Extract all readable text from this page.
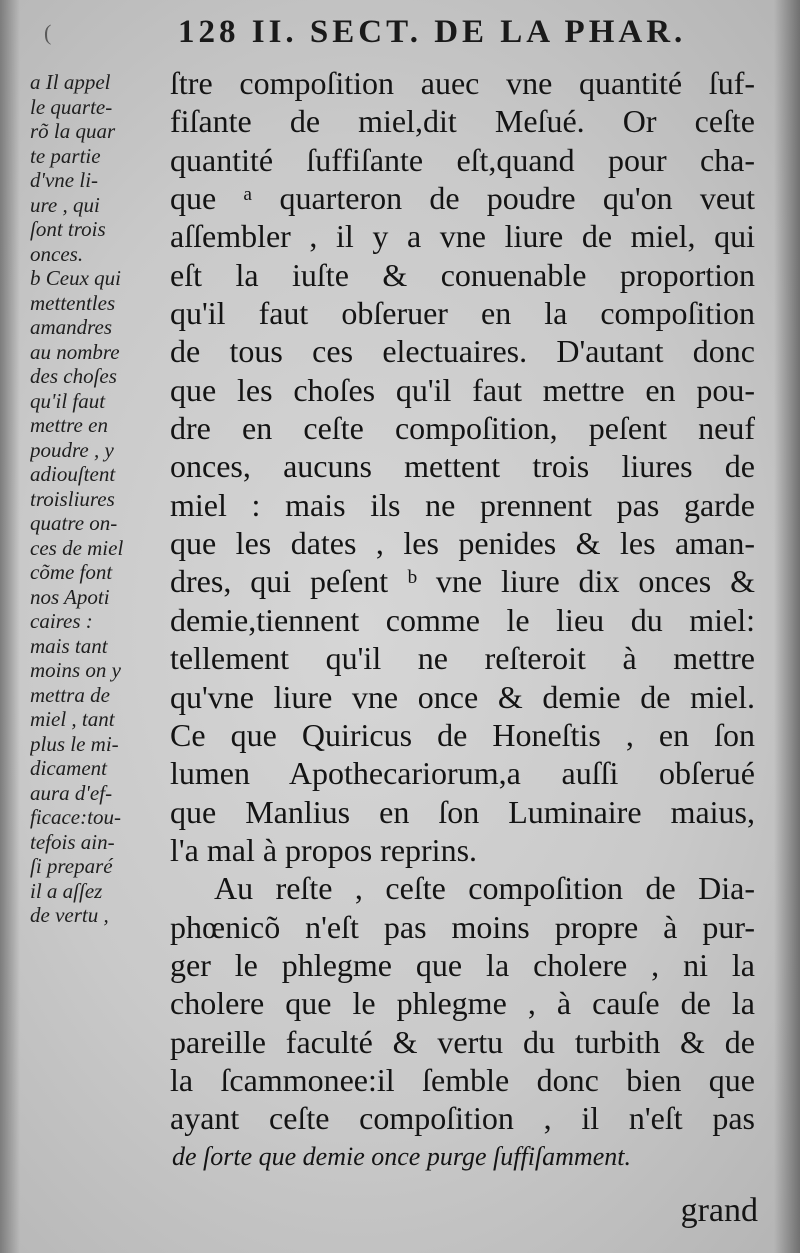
(	128 II. SECT. DE LA PHAR.
a Il appel
le quarte-
rõ la quar
te partie
d'vne li-
ure , qui
ſont trois
onces.
b Ceux qui
mettentles
amandres
au nombre
des choſes
qu'il faut
mettre en
poudre , y
adiouſtent
troisliures
quatre on-
ces de miel
cõme font
nos Apoti
caires :
mais tant
moins on y
mettra de
miel , tant
plus le mi-
dicament
aura d'ef-
ficace:tou-
tefois ain-
ſi preparé
il a aſſez
de vertu ,
ſtre compoſition auec vne quantité ſuf-
fiſante de miel,dit Meſué. Or ceſte
quantité ſuffiſante eſt,quand pour cha-
que ᵃ quarteron de poudre qu'on veut
aſſembler , il y a vne liure de miel, qui
eſt la iuſte & conuenable proportion
qu'il faut obſeruer en la compoſition
de tous ces electuaires. D'autant donc
que les choſes qu'il faut mettre en pou-
dre en ceſte compoſition, peſent neuf
onces, aucuns mettent trois liures de
miel : mais ils ne prennent pas garde
que les dates , les penides & les aman-
dres, qui peſent ᵇ vne liure dix onces &
demie,tiennent comme le lieu du miel:
tellement qu'il ne reſteroit à mettre
qu'vne liure vne once & demie de miel.
Ce que Quiricus de Honeſtis , en ſon
lumen Apothecariorum,a auſſi obſerué
que Manlius en ſon Luminaire maius,
l'a mal à propos reprins.
Au reſte , ceſte compoſition de Dia-
phœnicõ n'eſt pas moins propre à pur-
ger le phlegme que la cholere , ni la
cholere que le phlegme , à cauſe de la
pareille faculté & vertu du turbith & de
la ſcammonee:il ſemble donc bien que
ayant ceſte compoſition , il n'eſt pas
de ſorte que demie once purge ſuffiſamment.
grand
